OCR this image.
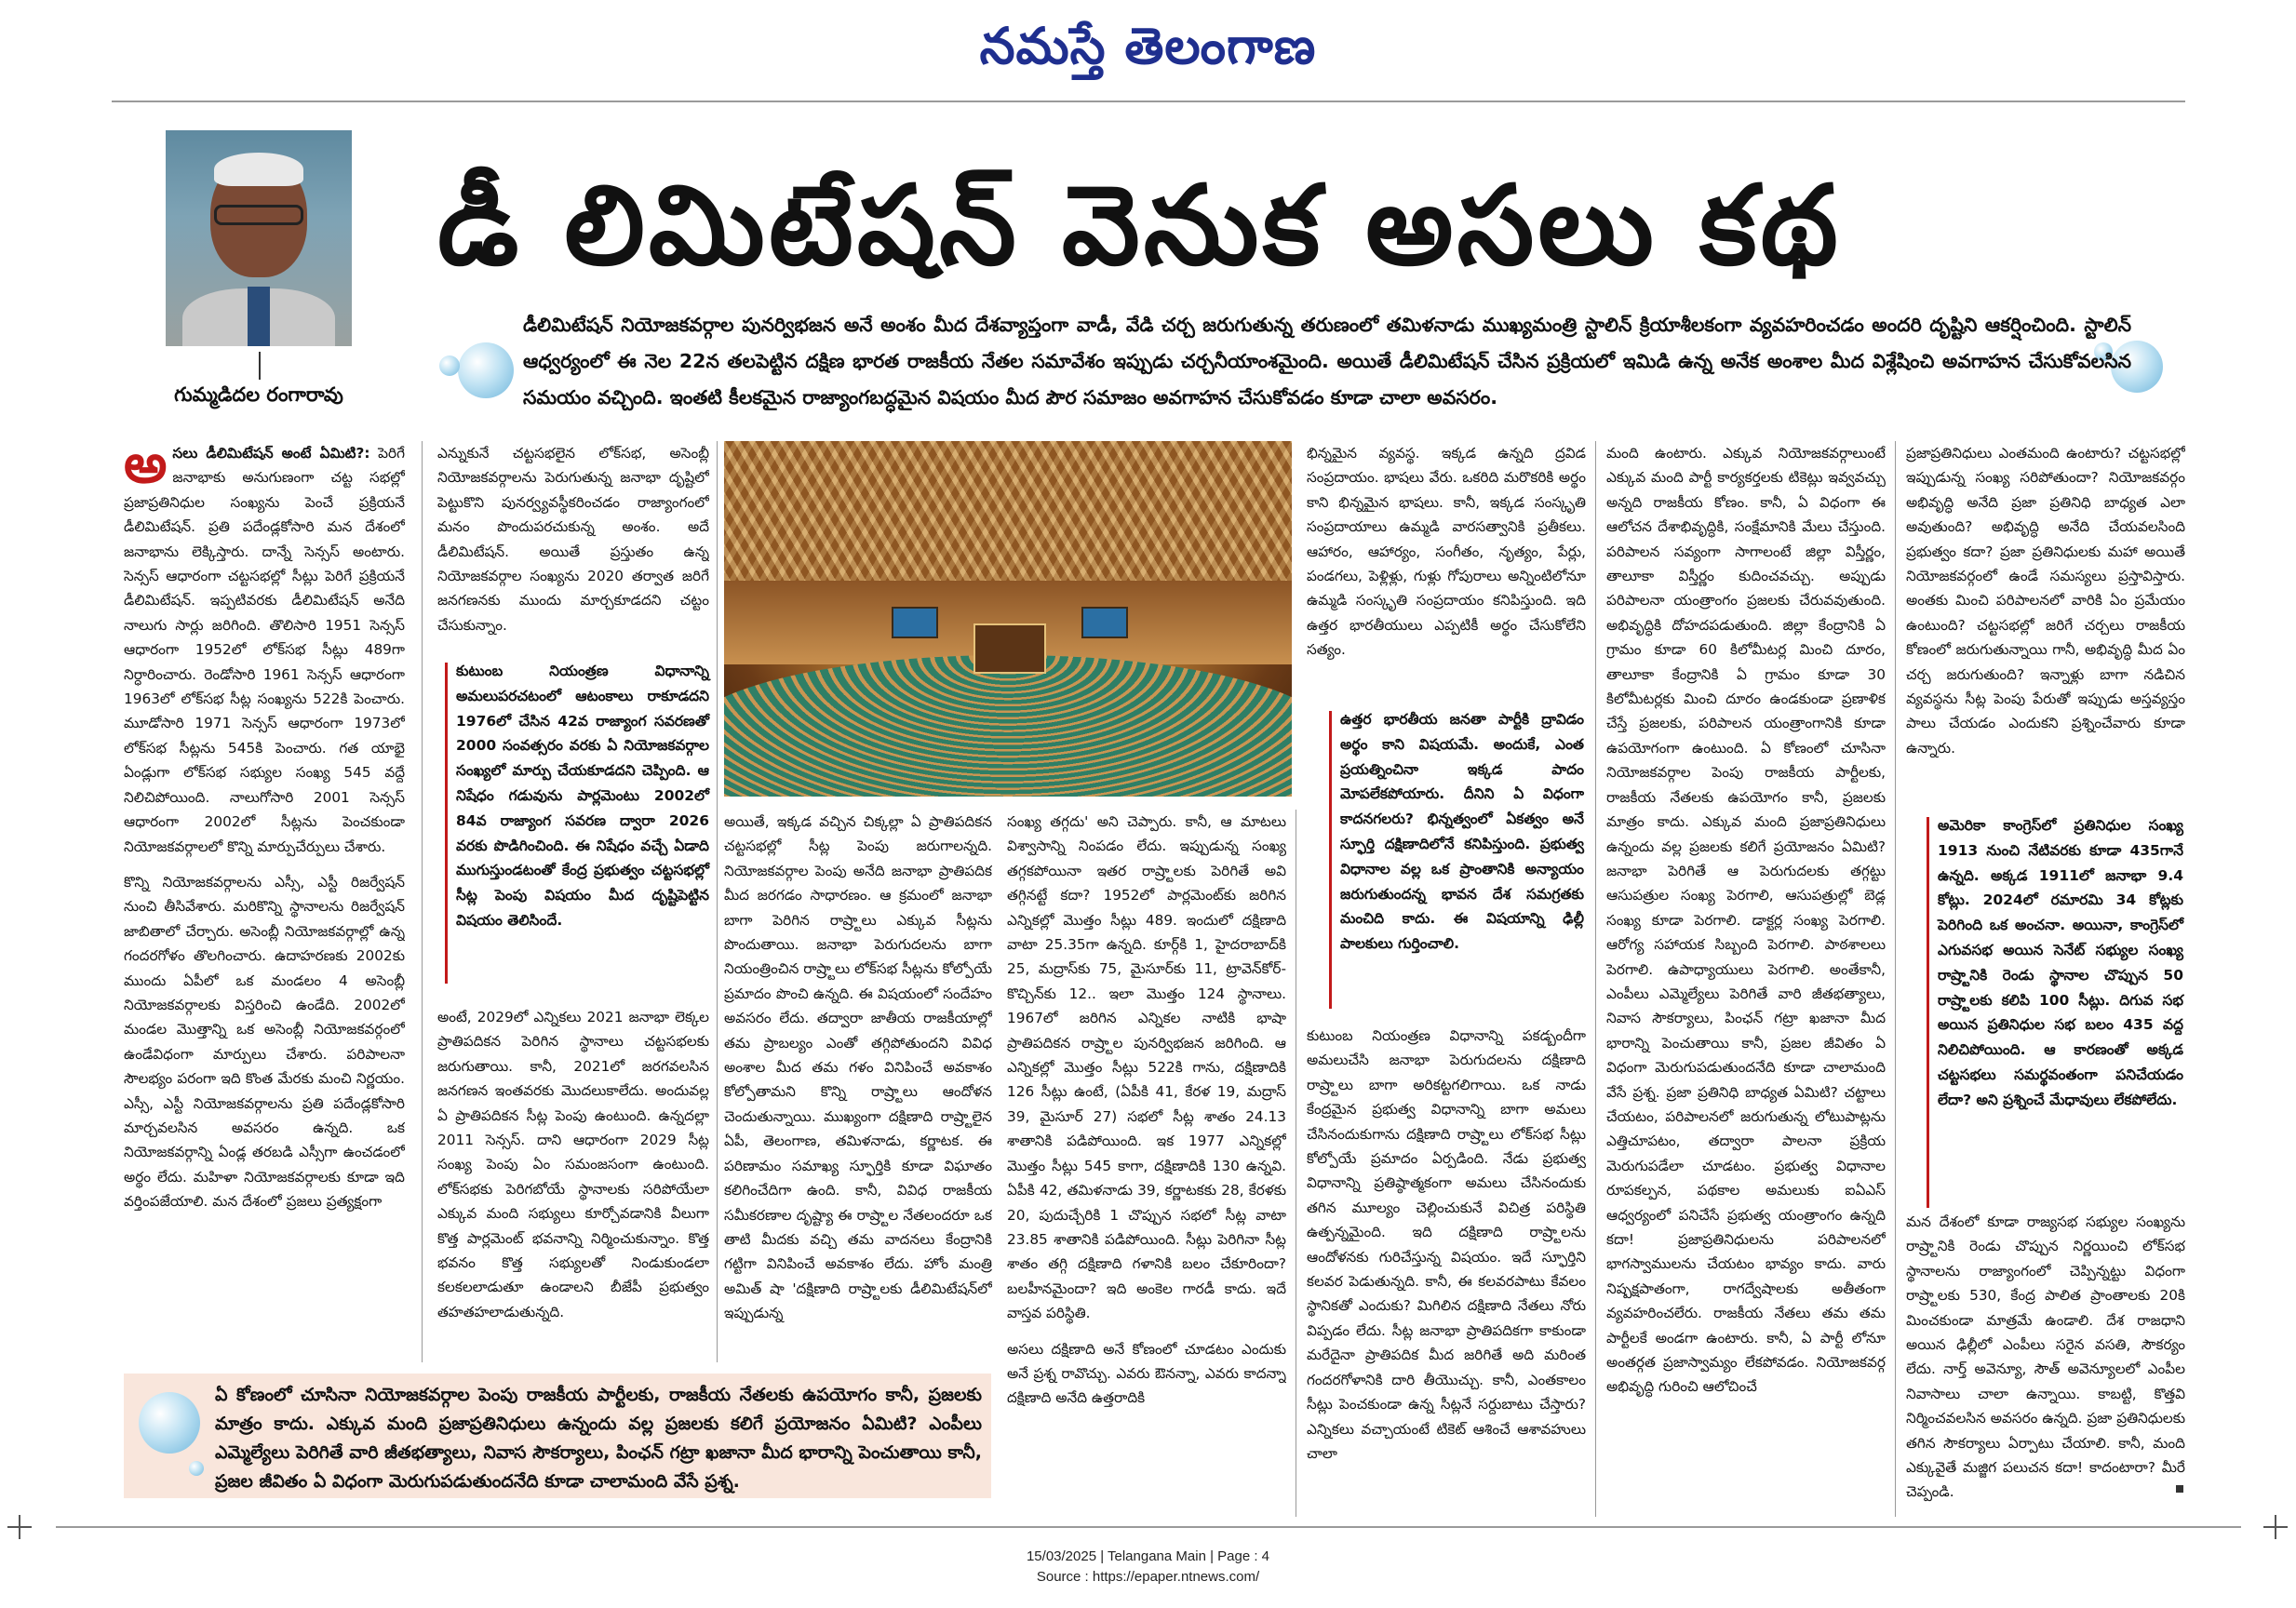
నమస్తే తెలంగాణ
గుమ్మడిదల రంగారావు
డీ లిమిటేషన్ వెనుక అసలు కథ
డీలిమిటేషన్ నియోజకవర్గాల పునర్విభజన అనే అంశం మీద దేశవ్యాప్తంగా వాడీ, వేడి చర్చ జరుగుతున్న తరుణంలో తమిళనాడు ముఖ్యమంత్రి స్టాలిన్ క్రియాశీలకంగా వ్యవహరించడం అందరి దృష్టిని ఆకర్షించింది. స్టాలిన్ ఆధ్వర్యంలో ఈ నెల 22న తలపెట్టిన దక్షిణ భారత రాజకీయ నేతల సమావేశం ఇప్పుడు చర్చనీయాంశమైంది. అయితే డీలిమిటేషన్ చేసిన ప్రక్రియలో ఇమిడి ఉన్న అనేక అంశాల మీద విశ్లేషించి అవగాహన చేసుకోవలసిన సమయం వచ్చింది. ఇంతటి కీలకమైన రాజ్యాంగబద్ధమైన విషయం మీద పౌర సమాజం అవగాహన చేసుకోవడం కూడా చాలా అవసరం.

అసలు డీలిమిటేషన్ అంటే ఏమిటి?: పెరిగే జనాభాకు అనుగుణంగా చట్ట సభల్లో ప్రజాప్రతినిధుల సంఖ్యను పెంచే ప్రక్రియనే డీలిమిటేషన్. ప్రతి పదేండ్లకోసారి మన దేశంలో జనాభాను లెక్కిస్తారు. దాన్నే సెన్సస్ అంటారు. సెన్సస్ ఆధారంగా చట్టసభల్లో సీట్లు పెరిగే ప్రక్రియనే డీలిమిటేషన్. ఇప్పటివరకు డీలిమిటేషన్ అనేది నాలుగు సార్లు జరిగింది. తొలిసారి 1951 సెన్సస్ ఆధారంగా 1952లో లోక్‌సభ సీట్లు 489గా నిర్ధారించారు. రెండోసారి 1961 సెన్సస్ ఆధారంగా 1963లో లోక్‌సభ సీట్ల సంఖ్యను 522కి పెంచారు. మూడోసారి 1971 సెన్సస్ ఆధారంగా 1973లో లోక్‌సభ సీట్లను 545కి పెంచారు. గత యాభై ఏండ్లుగా లోక్‌సభ సభ్యుల సంఖ్య 545 వద్దే నిలిచిపోయింది. నాలుగోసారి 2001 సెన్సస్ ఆధారంగా 2002లో సీట్లను పెంచకుండా నియోజకవర్గాలలో కొన్ని మార్పుచేర్పులు చేశారు.

కొన్ని నియోజకవర్గాలను ఎస్సీ, ఎస్టీ రిజర్వేషన్ నుంచి తీసివేశారు. మరికొన్ని స్థానాలను రిజర్వేషన్ జాబితాలో చేర్చారు. అసెంబ్లీ నియోజకవర్గాల్లో ఉన్న గందరగోళం తొలగించారు. ఉదాహరణకు 2002కు ముందు ఏపీలో ఒక మండలం 4 అసెంబ్లీ నియోజకవర్గాలకు విస్తరించి ఉండేది. 2002లో మండల మొత్తాన్ని ఒక అసెంబ్లీ నియోజకవర్గంలో ఉండేవిధంగా మార్పులు చేశారు. పరిపాలనా సౌలభ్యం పరంగా ఇది కొంత మేరకు మంచి నిర్ణయం. ఎస్సీ, ఎస్టీ నియోజకవర్గాలను ప్రతి పదేండ్లకోసారి మార్చవలసిన అవసరం ఉన్నది. ఒక నియోజకవర్గాన్ని ఏండ్ల తరబడి ఎస్సీగా ఉంచడంలో అర్థం లేదు. మహిళా నియోజకవర్గాలకు కూడా ఇది వర్తింపజేయాలి. మన దేశంలో ప్రజలు ప్రత్యక్షంగా

ఎన్నుకునే చట్టసభలైన లోక్‌సభ, అసెంబ్లీ నియోజకవర్గాలను పెరుగుతున్న జనాభా దృష్టిలో పెట్టుకొని పునర్వ్యవస్థీకరించడం రాజ్యాంగంలో మనం పొందుపరచుకున్న అంశం. అదే డీలిమిటేషన్. అయితే ప్రస్తుతం ఉన్న నియోజకవర్గాల సంఖ్యను 2020 తర్వాత జరిగే జనగణనకు ముందు మార్చకూడదని చట్టం చేసుకున్నాం.

కుటుంబ నియంత్రణ విధానాన్ని అమలుపరచటంలో ఆటంకాలు రాకూడదని 1976లో చేసిన 42వ రాజ్యాంగ సవరణతో 2000 సంవత్సరం వరకు ఏ నియోజకవర్గాల సంఖ్యలో మార్పు చేయకూడదని చెప్పింది. ఆ నిషేధం గడువును పార్లమెంటు 2002లో 84వ రాజ్యాంగ సవరణ ద్వారా 2026 వరకు పొడిగించింది. ఈ నిషేధం వచ్చే ఏడాది ముగుస్తుండటంతో కేంద్ర ప్రభుత్వం చట్టసభల్లో సీట్ల పెంపు విషయం మీద దృష్టిపెట్టిన విషయం తెలిసిందే.

అంటే, 2029లో ఎన్నికలు 2021 జనాభా లెక్కల ప్రాతిపదికన పెరిగిన స్థానాలు చట్టసభలకు జరుగుతాయి. కానీ, 2021లో జరగవలసిన జనగణన ఇంతవరకు మొదలుకాలేదు. అందువల్ల ఏ ప్రాతిపదికన సీట్ల పెంపు ఉంటుంది. ఉన్నదల్లా 2011 సెన్సస్. దాని ఆధారంగా 2029 సీట్ల సంఖ్య పెంపు ఏం సమంజసంగా ఉంటుంది. లోక్‌సభకు పెరిగబోయే స్థానాలకు సరిపోయేలా ఎక్కువ మంది సభ్యులు కూర్చోవడానికి వీలుగా కొత్త పార్లమెంట్ భవనాన్ని నిర్మించుకున్నాం. కొత్త భవనం కొత్త సభ్యులతో నిండుకుండలా కలకలలాడుతూ ఉండాలని బీజేపీ ప్రభుత్వం తహతహలాడుతున్నది.

అయితే, ఇక్కడ వచ్చిన చిక్కల్లా ఏ ప్రాతిపదికన చట్టసభల్లో సీట్ల పెంపు జరుగాలన్నది. నియోజకవర్గాల పెంపు అనేది జనాభా ప్రాతిపదిక మీద జరగడం సాధారణం. ఆ క్రమంలో జనాభా బాగా పెరిగిన రాష్ర్టాలు ఎక్కువ సీట్లను పొందుతాయి. జనాభా పెరుగుదలను బాగా నియంత్రించిన రాష్ర్టాలు లోక్‌సభ సీట్లను కోల్పోయే ప్రమాదం పొంచి ఉన్నది. ఈ విషయంలో సందేహం అవసరం లేదు. తద్వారా జాతీయ రాజకీయాల్లో తమ ప్రాబల్యం ఎంతో తగ్గిపోతుందని వివిధ అంశాల మీద తమ గళం వినిపించే అవకాశం కోల్పోతామని కొన్ని రాష్ర్టాలు ఆందోళన చెందుతున్నాయి. ముఖ్యంగా దక్షిణాది రాష్ర్టాలైన ఏపీ, తెలంగాణ, తమిళనాడు, కర్ణాటక. ఈ పరిణామం సమాఖ్య స్ఫూర్తికి కూడా విఘాతం కలిగించేదిగా ఉంది. కానీ, వివిధ రాజకీయ సమీకరణాల దృష్ట్యా ఈ రాష్ర్టాల నేతలందరూ ఒక తాటి మీదకు వచ్చి తమ వాదనలు కేంద్రానికి గట్టిగా వినిపించే అవకాశం లేదు. హోం మంత్రి అమిత్ షా 'దక్షిణాది రాష్ర్టాలకు డీలిమిటేషన్‌లో ఇప్పుడున్న

సంఖ్య తగ్గదు' అని చెప్పారు. కానీ, ఆ మాటలు విశ్వాసాన్ని నింపడం లేదు. ఇప్పుడున్న సంఖ్య తగ్గకపోయినా ఇతర రాష్ర్టాలకు పెరిగితే అవి తగ్గినట్టే కదా? 1952లో పార్లమెంట్‌కు జరిగిన ఎన్నికల్లో మొత్తం సీట్లు 489. ఇందులో దక్షిణాది వాటా 25.35గా ఉన్నది. కూర్గ్‌కి 1, హైదరాబాద్‌కి 25, మద్రాస్‌కు 75, మైసూర్‌కు 11, ట్రావెన్‌కోర్-కొచ్చిన్‌కు 12.. ఇలా మొత్తం 124 స్థానాలు. 1967లో జరిగిన ఎన్నికల నాటికి భాషా ప్రాతిపదికన రాష్ర్టాల పునర్విభజన జరిగింది. ఆ ఎన్నికల్లో మొత్తం సీట్లు 522కి గాను, దక్షిణాదికి 126 సీట్లు ఉంటే, (ఏపీకి 41, కేరళ 19, మద్రాస్ 39, మైసూర్ 27) సభలో సీట్ల శాతం 24.13 శాతానికి పడిపోయింది. ఇక 1977 ఎన్నికల్లో మొత్తం సీట్లు 545 కాగా, దక్షిణాదికి 130 ఉన్నవి. ఏపీకి 42, తమిళనాడు 39, కర్ణాటకకు 28, కేరళకు 20, పుదుచ్చేరికి 1 చొప్పున సభలో సీట్ల వాటా 23.85 శాతానికి పడిపోయింది. సీట్లు పెరిగినా సీట్ల శాతం తగ్గి దక్షిణాది గళానికి బలం చేకూరిందా? బలహీనమైందా? ఇది అంకెల గారడీ కాదు. ఇదే వాస్తవ పరిస్థితి.

అసలు దక్షిణాది అనే కోణంలో చూడటం ఎందుకు అనే ప్రశ్న రావొచ్చు. ఎవరు ఔనన్నా, ఎవరు కాదన్నా దక్షిణాది అనేది ఉత్తరాదికి

భిన్నమైన వ్యవస్థ. ఇక్కడ ఉన్నది ద్రవిడ సంప్రదాయం. భాషలు వేరు. ఒకరిది మరొకరికి అర్థం కాని భిన్నమైన భాషలు. కానీ, ఇక్కడ సంస్కృతి సంప్రదాయాలు ఉమ్మడి వారసత్వానికి ప్రతీకలు. ఆహారం, ఆహార్యం, సంగీతం, నృత్యం, పేర్లు, పండగలు, పెళ్లిళ్లు, గుళ్లు గోపురాలు అన్నింటిలోనూ ఉమ్మడి సంస్కృతి సంప్రదాయం కనిపిస్తుంది. ఇది ఉత్తర భారతీయులు ఎప్పటికీ అర్థం చేసుకోలేని సత్యం.

ఉత్తర భారతీయ జనతా పార్టీకి ద్రావిడం అర్థం కాని విషయమే. అందుకే, ఎంత ప్రయత్నించినా ఇక్కడ పాదం మోపలేకపోయారు. దీనిని ఏ విధంగా కాదనగలరు? భిన్నత్వంలో ఏకత్వం అనే స్ఫూర్తి దక్షిణాదిలోనే కనిపిస్తుంది. ప్రభుత్వ విధానాల వల్ల ఒక ప్రాంతానికి అన్యాయం జరుగుతుందన్న భావన దేశ సమగ్రతకు మంచిది కాదు. ఈ విషయాన్ని ఢిల్లీ పాలకులు గుర్తించాలి.

కుటుంబ నియంత్రణ విధానాన్ని పకడ్బందీగా అమలుచేసి జనాభా పెరుగుదలను దక్షిణాది రాష్ర్టాలు బాగా అరికట్టగలిగాయి. ఒక నాడు కేంద్రమైన ప్రభుత్వ విధానాన్ని బాగా అమలు చేసినందుకుగాను దక్షిణాది రాష్ర్టాలు లోక్‌సభ సీట్లు కోల్పోయే ప్రమాదం ఏర్పడింది. నేడు ప్రభుత్వ విధానాన్ని ప్రతిష్ఠాత్మకంగా అమలు చేసినందుకు తగిన మూల్యం చెల్లించుకునే విచిత్ర పరిస్థితి ఉత్పన్నమైంది. ఇది దక్షిణాది రాష్ర్టాలను ఆందోళనకు గురిచేస్తున్న విషయం. ఇదే స్ఫూర్తిని కలవర పెడుతున్నది. కానీ, ఈ కలవరపాటు కేవలం స్థానికతో ఎందుకు? మిగిలిన దక్షిణాది నేతలు నోరు విప్పడం లేదు. సీట్ల జనాభా ప్రాతిపదికగా కాకుండా మరేదైనా ప్రాతిపదిక మీద జరిగితే అది మరింత గందరగోళానికి దారి తీయొచ్చు. కానీ, ఎంతకాలం సీట్లు పెంచకుండా ఉన్న సీట్లనే సర్దుబాటు చేస్తారు? ఎన్నికలు వచ్చాయంటే టికెట్ ఆశించే ఆశావహులు చాలా

మంది ఉంటారు. ఎక్కువ నియోజకవర్గాలుంటే ఎక్కువ మంది పార్టీ కార్యకర్తలకు టికెట్లు ఇవ్వవచ్చు అన్నది రాజకీయ కోణం. కానీ, ఏ విధంగా ఈ ఆలోచన దేశాభివృద్ధికి, సంక్షేమానికి మేలు చేస్తుంది. పరిపాలన సవ్యంగా సాగాలంటే జిల్లా విస్తీర్ణం, తాలూకా విస్తీర్ణం కుదించవచ్చు. అప్పుడు పరిపాలనా యంత్రాంగం ప్రజలకు చేరువవుతుంది. అభివృద్ధికి దోహదపడుతుంది. జిల్లా కేంద్రానికి ఏ గ్రామం కూడా 60 కిలోమీటర్ల మించి దూరం, తాలూకా కేంద్రానికి ఏ గ్రామం కూడా 30 కిలోమీటర్లకు మించి దూరం ఉండకుండా ప్రణాళిక చేస్తే ప్రజలకు, పరిపాలన యంత్రాంగానికి కూడా ఉపయోగంగా ఉంటుంది. ఏ కోణంలో చూసినా నియోజకవర్గాల పెంపు రాజకీయ పార్టీలకు, రాజకీయ నేతలకు ఉపయోగం కానీ, ప్రజలకు మాత్రం కాదు. ఎక్కువ మంది ప్రజాప్రతినిధులు ఉన్నందు వల్ల ప్రజలకు కలిగే ప్రయోజనం ఏమిటి? జనాభా పెరిగితే ఆ పెరుగుదలకు తగ్గట్టు ఆసుపత్రుల సంఖ్య పెరగాలి, ఆసుపత్రుల్లో బెడ్ల సంఖ్య కూడా పెరగాలి. డాక్టర్ల సంఖ్య పెరగాలి. ఆరోగ్య సహాయక సిబ్బంది పెరగాలి. పాఠశాలలు పెరగాలి. ఉపాధ్యాయులు పెరగాలి. అంతేకానీ, ఎంపీలు ఎమ్మెల్యేలు పెరిగితే వారి జీతభత్యాలు, నివాస సౌకర్యాలు, పింఛన్ గట్రా ఖజానా మీద భారాన్ని పెంచుతాయి కానీ, ప్రజల జీవితం ఏ విధంగా మెరుగుపడుతుందనేది కూడా చాలామంది వేసే ప్రశ్న. ప్రజా ప్రతినిధి బాధ్యత ఏమిటి? చట్టాలు చేయటం, పరిపాలనలో జరుగుతున్న లోటుపాట్లను ఎత్తిచూపటం, తద్వారా పాలనా ప్రక్రియ మెరుగుపడేలా చూడటం. ప్రభుత్వ విధానాల రూపకల్పన, పథకాల అమలుకు ఐఏఎస్ ఆధ్వర్యంలో పనిచేసే ప్రభుత్వ యంత్రాంగం ఉన్నది కదా! ప్రజాప్రతినిధులను పరిపాలనలో భాగస్వాములను చేయటం భావ్యం కాదు. వారు నిష్పక్షపాతంగా, రాగద్వేషాలకు అతీతంగా వ్యవహరించలేరు. రాజకీయ నేతలు తమ తమ పార్టీలకే అండగా ఉంటారు. కానీ, ఏ పార్టీ లోనూ అంతర్గత ప్రజాస్వామ్యం లేకపోవడం. నియోజకవర్గ అభివృద్ధి గురించి ఆలోచించే

ప్రజాప్రతినిధులు ఎంతమంది ఉంటారు? చట్టసభల్లో ఇప్పుడున్న సంఖ్య సరిపోతుందా? నియోజకవర్గం అభివృద్ధి అనేది ప్రజా ప్రతినిధి బాధ్యత ఎలా అవుతుంది? అభివృద్ధి అనేది చేయవలసింది ప్రభుత్వం కదా? ప్రజా ప్రతినిధులకు మహా అయితే నియోజకవర్గంలో ఉండే సమస్యలు ప్రస్తావిస్తారు. అంతకు మించి పరిపాలనలో వారికి ఏం ప్రమేయం ఉంటుంది? చట్టసభల్లో జరిగే చర్చలు రాజకీయ కోణంలో జరుగుతున్నాయి గానీ, అభివృద్ధి మీద ఏం చర్చ జరుగుతుంది? ఇన్నాళ్లు బాగా నడిచిన వ్యవస్థను సీట్ల పెంపు పేరుతో ఇప్పుడు అస్తవ్యస్తం పాలు చేయడం ఎందుకని ప్రశ్నించేవారు కూడా ఉన్నారు.

అమెరికా కాంగ్రెస్‌లో ప్రతినిధుల సంఖ్య 1913 నుంచి నేటివరకు కూడా 435గానే ఉన్నది. అక్కడ 1911లో జనాభా 9.4 కోట్లు. 2024లో రమారమి 34 కోట్లకు పెరిగింది ఒక అంచనా. అయినా, కాంగ్రెస్‌లో ఎగువసభ అయిన సెనేట్ సభ్యుల సంఖ్య రాష్ర్టానికి రెండు స్థానాల చొప్పున 50 రాష్ర్టాలకు కలిపి 100 సీట్లు. దిగువ సభ అయిన ప్రతినిధుల సభ బలం 435 వద్ద నిలిచిపోయింది. ఆ కారణంతో అక్కడ చట్టసభలు సమర్థవంతంగా పనిచేయడం లేదా? అని ప్రశ్నించే మేధావులు లేకపోలేదు.

మన దేశంలో కూడా రాజ్యసభ సభ్యుల సంఖ్యను రాష్ర్టానికి రెండు చొప్పున నిర్ణయించి లోక్‌సభ స్థానాలను రాజ్యాంగంలో చెప్పిన్నట్టు విధంగా రాష్ర్టాలకు 530, కేంద్ర పాలిత ప్రాంతాలకు 20కి మించకుండా మాత్రమే ఉండాలి. దేశ రాజధాని అయిన ఢిల్లీలో ఎంపీలు సరైన వసతి, సౌకర్యం లేదు. నార్త్ అవెన్యూ, సౌత్ అవెన్యూలలో ఎంపీల నివాసాలు చాలా ఉన్నాయి. కాబట్టి, కొత్తవి నిర్మించవలసిన అవసరం ఉన్నది. ప్రజా ప్రతినిధులకు తగిన సౌకర్యాలు ఏర్పాటు చేయాలి. కానీ, మంది ఎక్కువైతే మజ్జిగ పలుచన కదా! కాదంటారా? మీరే చెప్పండి.

ఏ కోణంలో చూసినా నియోజకవర్గాల పెంపు రాజకీయ పార్టీలకు, రాజకీయ నేతలకు ఉపయోగం కానీ, ప్రజలకు మాత్రం కాదు. ఎక్కువ మంది ప్రజాప్రతినిధులు ఉన్నందు వల్ల ప్రజలకు కలిగే ప్రయోజనం ఏమిటి? ఎంపీలు ఎమ్మెల్యేలు పెరిగితే వారి జీతభత్యాలు, నివాస సౌకర్యాలు, పింఛన్ గట్రా ఖజానా మీద భారాన్ని పెంచుతాయి కానీ, ప్రజల జీవితం ఏ విధంగా మెరుగుపడుతుందనేది కూడా చాలామంది వేసే ప్రశ్న.
15/03/2025 | Telangana Main | Page : 4
Source : https://epaper.ntnews.com/
